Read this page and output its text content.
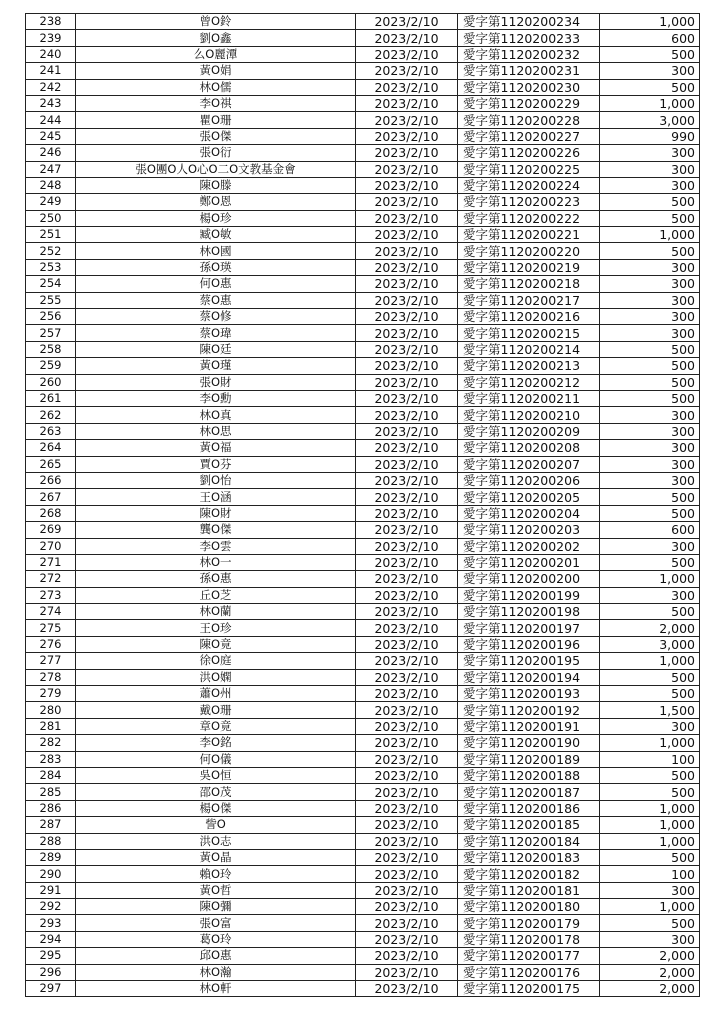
238	曾O鈴	2023/2/10	愛字第1120200234	1,000
239	劉O鑫	2023/2/10	愛字第1120200233	600
240	么O麗潭	2023/2/10	愛字第1120200232	500
241	黃O娟	2023/2/10	愛字第1120200231	300
242	林O儒	2023/2/10	愛字第1120200230	500
243	李O祺	2023/2/10	愛字第1120200229	1,000
244	瞿O珊	2023/2/10	愛字第1120200228	3,000
245	張O傑	2023/2/10	愛字第1120200227	990
246	張O衍	2023/2/10	愛字第1120200226	300
247	張O團O人O心O二O文教基金會	2023/2/10	愛字第1120200225	300
248	陳O滕	2023/2/10	愛字第1120200224	300
249	鄭O恩	2023/2/10	愛字第1120200223	500
250	楊O珍	2023/2/10	愛字第1120200222	500
251	臧O敏	2023/2/10	愛字第1120200221	1,000
252	林O國	2023/2/10	愛字第1120200220	500
253	孫O瑛	2023/2/10	愛字第1120200219	300
254	何O惠	2023/2/10	愛字第1120200218	300
255	蔡O惠	2023/2/10	愛字第1120200217	300
256	蔡O修	2023/2/10	愛字第1120200216	300
257	蔡O瑋	2023/2/10	愛字第1120200215	300
258	陳O廷	2023/2/10	愛字第1120200214	500
259	黃O瑾	2023/2/10	愛字第1120200213	500
260	張O財	2023/2/10	愛字第1120200212	500
261	李O勳	2023/2/10	愛字第1120200211	500
262	林O真	2023/2/10	愛字第1120200210	300
263	林O思	2023/2/10	愛字第1120200209	300
264	黃O福	2023/2/10	愛字第1120200208	300
265	賈O芬	2023/2/10	愛字第1120200207	300
266	劉O怡	2023/2/10	愛字第1120200206	300
267	王O涵	2023/2/10	愛字第1120200205	500
268	陳O財	2023/2/10	愛字第1120200204	500
269	龔O傑	2023/2/10	愛字第1120200203	600
270	李O雲	2023/2/10	愛字第1120200202	300
271	林O一	2023/2/10	愛字第1120200201	500
272	孫O惠	2023/2/10	愛字第1120200200	1,000
273	丘O芝	2023/2/10	愛字第1120200199	300
274	林O蘭	2023/2/10	愛字第1120200198	500
275	王O珍	2023/2/10	愛字第1120200197	2,000
276	陳O竟	2023/2/10	愛字第1120200196	3,000
277	徐O庭	2023/2/10	愛字第1120200195	1,000
278	洪O嫻	2023/2/10	愛字第1120200194	500
279	蕭O州	2023/2/10	愛字第1120200193	500
280	戴O珊	2023/2/10	愛字第1120200192	1,500
281	章O竟	2023/2/10	愛字第1120200191	300
282	李O銘	2023/2/10	愛字第1120200190	1,000
283	何O儀	2023/2/10	愛字第1120200189	100
284	吳O恒	2023/2/10	愛字第1120200188	500
285	邵O茂	2023/2/10	愛字第1120200187	500
286	楊O傑	2023/2/10	愛字第1120200186	1,000
287	訾O	2023/2/10	愛字第1120200185	1,000
288	洪O志	2023/2/10	愛字第1120200184	1,000
289	黃O晶	2023/2/10	愛字第1120200183	500
290	賴O玲	2023/2/10	愛字第1120200182	100
291	黃O哲	2023/2/10	愛字第1120200181	300
292	陳O彌	2023/2/10	愛字第1120200180	1,000
293	張O富	2023/2/10	愛字第1120200179	500
294	葛O玲	2023/2/10	愛字第1120200178	300
295	邱O惠	2023/2/10	愛字第1120200177	2,000
296	林O瀚	2023/2/10	愛字第1120200176	2,000
297	林O軒	2023/2/10	愛字第1120200175	2,000
